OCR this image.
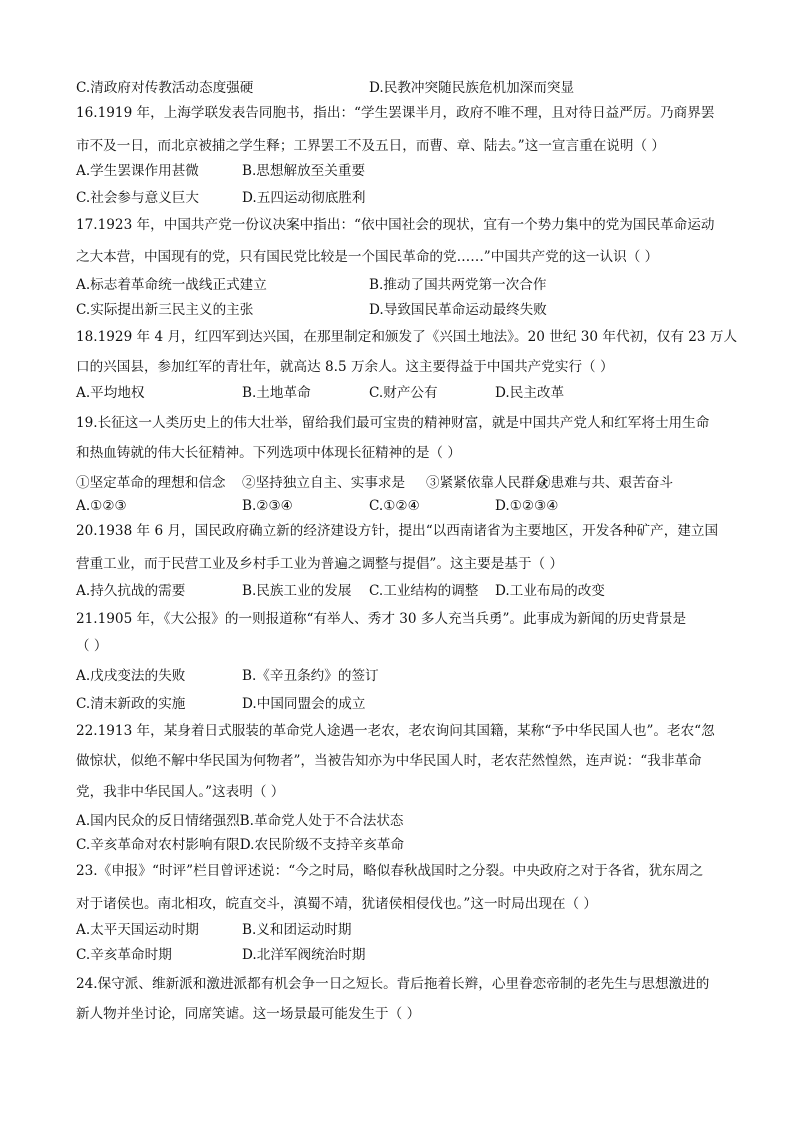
C.清政府对传教活动态度强硬	D.民教冲突随民族危机加深而突显
16.1919 年，上海学联发表告同胞书，指出：“学生罢课半月，政府不唯不理，且对待日益严厉。乃商界罢
市不及一日，而北京被捕之学生释；工界罢工不及五日，而曹、章、陆去。”这一宣言重在说明（ ）
A.学生罢课作用甚微	B.思想解放至关重要
C.社会参与意义巨大	D.五四运动彻底胜利
17.1923 年，中国共产党一份议决案中指出：“依中国社会的现状，宜有一个势力集中的党为国民革命运动
之大本营，中国现有的党，只有国民党比较是一个国民革命的党……”中国共产党的这一认识（ ）
A.标志着革命统一战线正式建立	B.推动了国共两党第一次合作
C.实际提出新三民主义的主张	D.导致国民革命运动最终失败
18.1929 年 4 月，红四军到达兴国，在那里制定和颁发了《兴国土地法》。20 世纪 30 年代初，仅有 23 万人
口的兴国县，参加红军的青壮年，就高达 8.5 万余人。这主要得益于中国共产党实行（ ）
A.平均地权	B.土地革命	C.财产公有	D.民主改革
19.长征这一人类历史上的伟大壮举，留给我们最可宝贵的精神财富，就是中国共产党人和红军将士用生命
和热血铸就的伟大长征精神。下列选项中体现长征精神的是（ ）
①坚定革命的理想和信念 ②坚持独立自主、实事求是 ③紧紧依靠人民群众
④患难与共、艰苦奋斗
A.①②③	B.②③④	C.①②④	D.①②③④
20.1938 年 6 月，国民政府确立新的经济建设方针，提出“以西南诸省为主要地区，开发各种矿产，建立国
营重工业，而于民营工业及乡村手工业为普遍之调整与提倡”。这主要是基于（ ）
A.持久抗战的需要	B.民族工业的发展 C.工业结构的调整 D.工业布局的改变
21.1905 年，《大公报》的一则报道称“有举人、秀才 30 多人充当兵勇”。此事成为新闻的历史背景是
（ ）
A.戊戌变法的失败	B.《辛丑条约》的签订
C.清末新政的实施	D.中国同盟会的成立
22.1913 年，某身着日式服装的革命党人途遇一老农，老农询问其国籍，某称“予中华民国人也”。老农“忽
做惊状，似绝不解中华民国为何物者”，当被告知亦为中华民国人时，老农茫然惶然，连声说：“我非革命
党，我非中华民国人。”这表明（ ）
A.国内民众的反日情绪强烈B.革命党人处于不合法状态
C.辛亥革命对农村影响有限D.农民阶级不支持辛亥革命
23.《申报》“时评”栏目曾评述说：“今之时局，略似春秋战国时之分裂。中央政府之对于各省，犹东周之
对于诸侯也。南北相攻，皖直交斗，滇蜀不靖，犹诸侯相侵伐也。”这一时局出现在（ ）
A.太平天国运动时期	B.义和团运动时期
C.辛亥革命时期	D.北洋军阀统治时期
24.保守派、维新派和激进派都有机会争一日之短长。背后拖着长辫，心里眷恋帝制的老先生与思想激进的
新人物并坐讨论，同席笑谑。这一场景最可能发生于（ ）
